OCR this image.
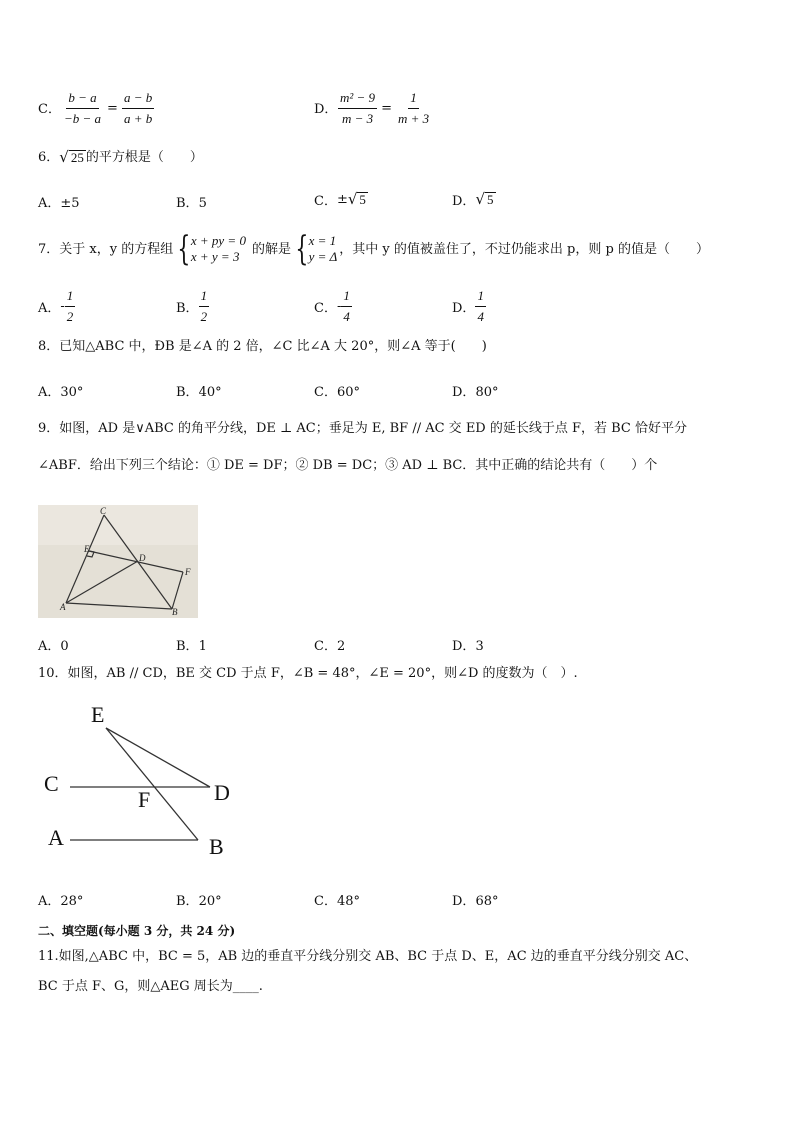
C． $\frac{b - a}{-b - a} = \frac{a - b}{a + b}$	D． $\frac{\text{m² − 9}}{m - 3} = \frac{1}{m + 3}$
6． √ 25 的平方根是（　　）
A．±5	B．5	C． ± √ 5	D． √ 5
7．关于 x，y 的方程组 { x + py = 0
x + y = 3 的解是 { x = 1
y = Δ ，其中 y 的值被盖住了，不过仍能求出 p，则 p 的值是（　　）
A． - $\frac{1}{2}$	B． $\frac{1}{2}$	C． - $\frac{1}{4}$	D． $\frac{1}{4}$
8．已知△ABC 中，ÐB 是∠A 的 2 倍，∠C 比∠A 大 20°，则∠A 等于(　　)
A．30°	B．40°	C．60°	D．80°
9．如图，AD 是∨ABC 的角平分线，DE ⊥ AC；垂足为 E, BF // AC 交 ED 的延长线于点 F，若 BC 恰好平分
∠ABF．给出下列三个结论：① DE = DF；② DB = DC；③ AD ⊥ BC．其中正确的结论共有（　　）个
C
E
D
F
A	B
A．0	B．1	C．2	D．3
10．如图，AB // CD，BE 交 CD 于点 F，∠B = 48°，∠E = 20°，则∠D 的度数为（　）.
E
C	D
F
A	B
A．28°	B．20°	C．48°	D．68°
二、填空题(每小题 3 分，共 24 分)
11.如图,△ABC 中，BC = 5，AB 边的垂直平分线分别交 AB、BC 于点 D、E，AC 边的垂直平分线分别交 AC、
BC 于点 F、G，则△AEG 周长为____.
